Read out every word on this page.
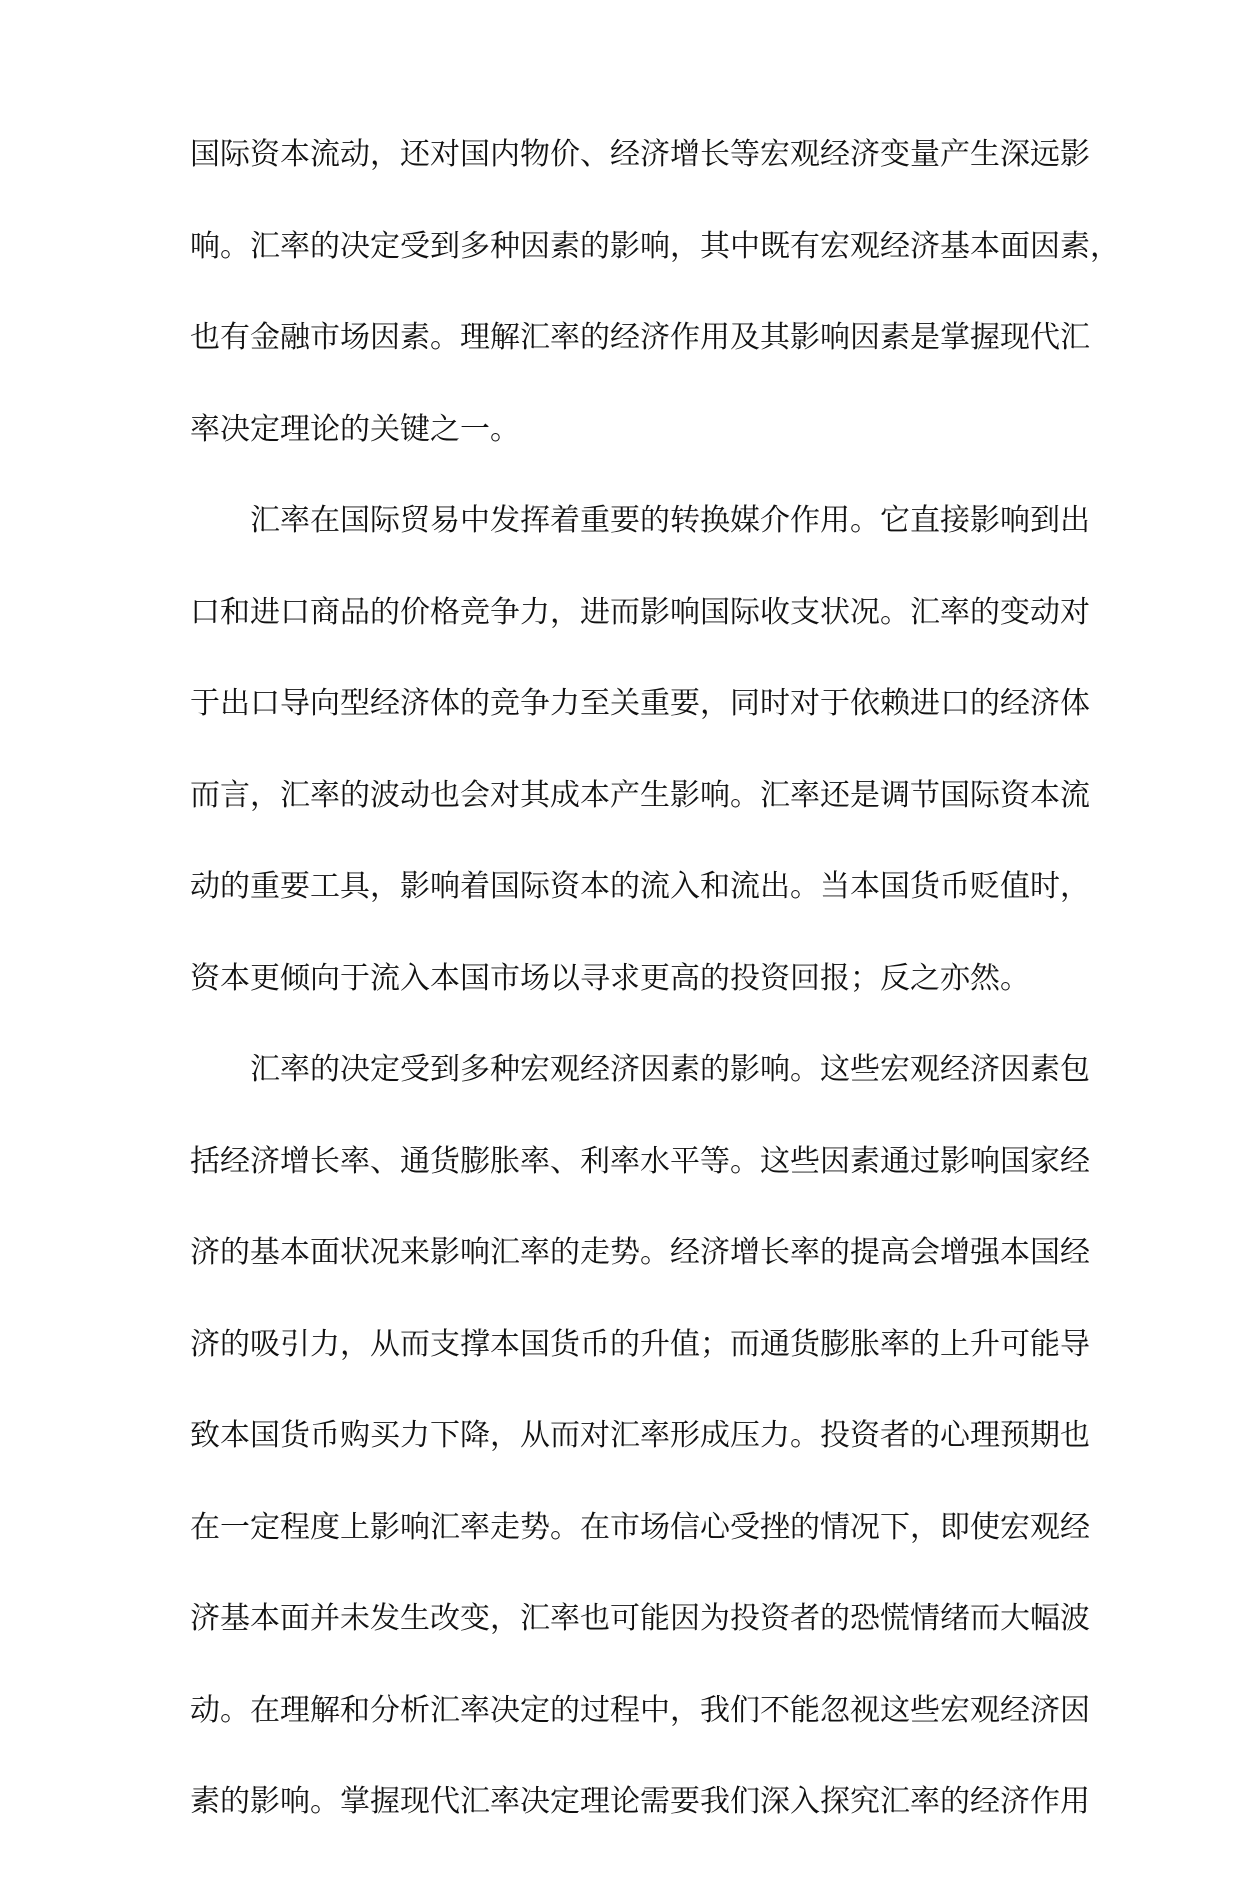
国际资本流动，还对国内物价、经济增长等宏观经济变量产生深远影
响。汇率的决定受到多种因素的影响，其中既有宏观经济基本面因素，
也有金融市场因素。理解汇率的经济作用及其影响因素是掌握现代汇
率决定理论的关键之一。
汇率在国际贸易中发挥着重要的转换媒介作用。它直接影响到出
口和进口商品的价格竞争力，进而影响国际收支状况。汇率的变动对
于出口导向型经济体的竞争力至关重要，同时对于依赖进口的经济体
而言，汇率的波动也会对其成本产生影响。汇率还是调节国际资本流
动的重要工具，影响着国际资本的流入和流出。当本国货币贬值时，
资本更倾向于流入本国市场以寻求更高的投资回报；反之亦然。
汇率的决定受到多种宏观经济因素的影响。这些宏观经济因素包
括经济增长率、通货膨胀率、利率水平等。这些因素通过影响国家经
济的基本面状况来影响汇率的走势。经济增长率的提高会增强本国经
济的吸引力，从而支撑本国货币的升值；而通货膨胀率的上升可能导
致本国货币购买力下降，从而对汇率形成压力。投资者的心理预期也
在一定程度上影响汇率走势。在市场信心受挫的情况下，即使宏观经
济基本面并未发生改变，汇率也可能因为投资者的恐慌情绪而大幅波
动。在理解和分析汇率决定的过程中，我们不能忽视这些宏观经济因
素的影响。掌握现代汇率决定理论需要我们深入探究汇率的经济作用
